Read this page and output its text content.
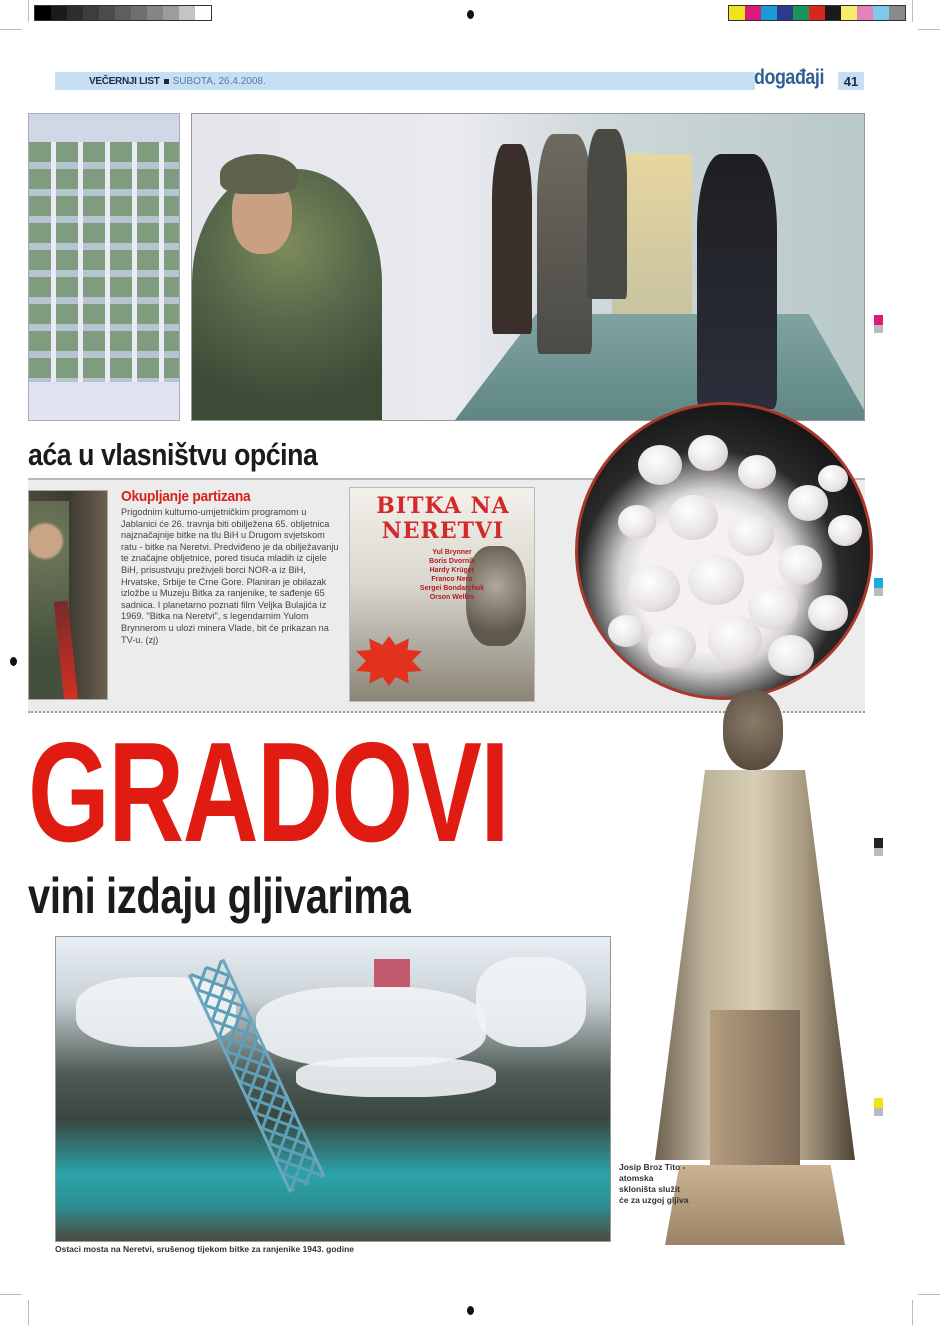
VEČERNJI LIST SUBOTA, 26.4.2008.	događaji	41
aća u vlasništvu općina
Okupljanje partizana
Prigodnim kulturno-umjetničkim programom u Jablanici će 26. travnja biti obilježena 65. obljetnica najznačajnije bitke na tlu BiH u Drugom svjetskom ratu - bitke na Neretvi. Predviđeno je da obilježavanju te značajne obljetnice, pored tisuća mladih iz cijele BiH, prisustvuju preživjeli borci NOR-a iz BiH, Hrvatske, Srbije te Crne Gore. Planiran je obilazak izložbe u Muzeju Bitka za ranjenike, te sađenje 65 sadnica. I planetarno poznati film Veljka Bulajića iz 1969. "Bitka na Neretvi", s legendarnim Yulom Brynnerom u ulozi minera Vlade, bit će prikazan na TV-u. (zj)
BITKA NA NERETVI
Yul Brynner
Boris Dvornik
Hardy Krüger
Franco Nero
Sergei Bondarchuk
Orson Welles
GRADOVI
vini izdaju gljivarima
Ostaci mosta na Neretvi, srušenog tijekom bitke za ranjenike 1943. godine
Josip Broz Tito - atomska skloništa služit će za uzgoj gljiva
